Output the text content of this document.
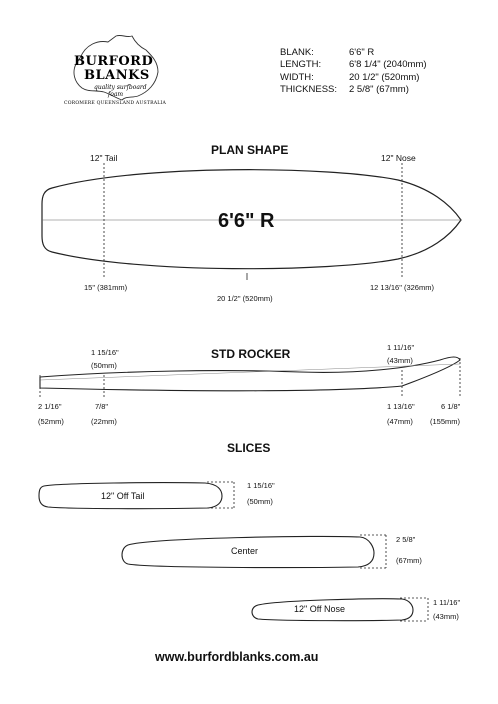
BURFORD
BLANKS
quality surfboard
foam
COROMERE QUEENSLAND AUSTRALIA
BLANK:
LENGTH:
WIDTH:
THICKNESS:
6'6" R
6'8 1/4" (2040mm)
20 1/2" (520mm)
2 5/8" (67mm)
PLAN SHAPE
12" Tail	12" Nose
6'6" R
15" (381mm)
20 1/2" (520mm)
12 13/16" (326mm)
STD ROCKER
1 15/16"
(50mm)
1 11/16"
(43mm)
2 1/16"
(52mm)
7/8"
(22mm)
1 13/16"
(47mm)
6 1/8"
(155mm)
SLICES
12" Off Tail
1 15/16"
(50mm)
Center
2 5/8"
(67mm)
12" Off Nose
1 11/16"
(43mm)
www.burfordblanks.com.au
